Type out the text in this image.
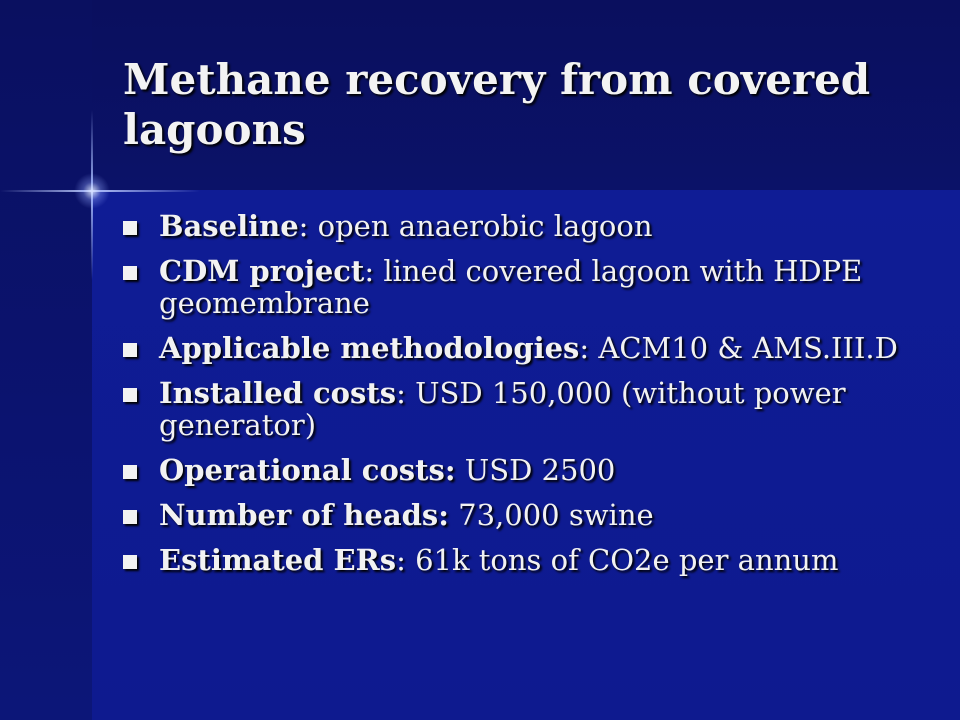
Methane recovery from covered lagoons
Baseline: open anaerobic lagoon
CDM project: lined covered lagoon with HDPE geomembrane
Applicable methodologies: ACM10 & AMS.III.D
Installed costs: USD 150,000 (without power generator)
Operational costs: USD 2500
Number of heads: 73,000 swine
Estimated ERs: 61k tons of CO2e per annum
